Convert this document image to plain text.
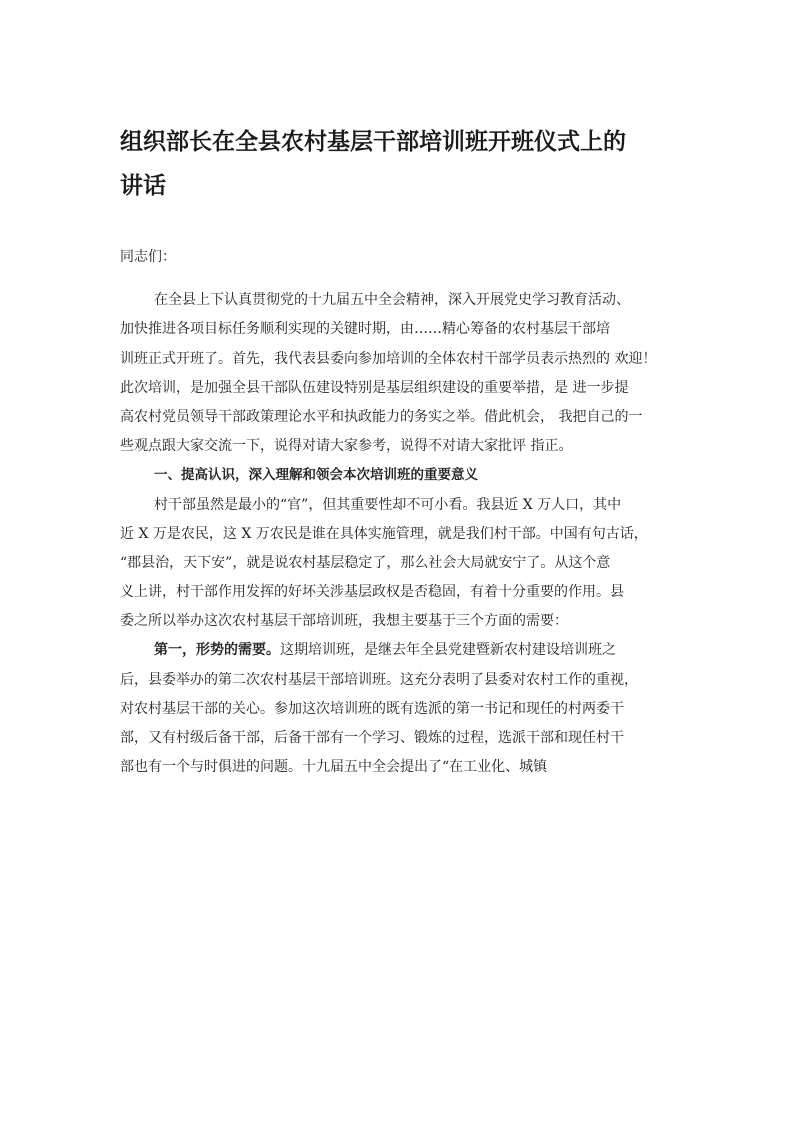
组织部长在全县农村基层干部培训班开班仪式上的
讲话
同志们：
在全县上下认真贯彻党的十九届五中全会精神，深入开展党史学习教育活动、
加快推进各项目标任务顺利实现的关键时期，由……精心筹备的农村基层干部培
训班正式开班了。首先，我代表县委向参加培训的全体农村干部学员表示热烈的 欢迎！
此次培训，是加强全县干部队伍建设特别是基层组织建设的重要举措，是 进一步提
高农村党员领导干部政策理论水平和执政能力的务实之举。借此机会， 我把自己的一
些观点跟大家交流一下，说得对请大家参考，说得不对请大家批评 指正。
一、提高认识，深入理解和领会本次培训班的重要意义
村干部虽然是最小的“官”，但其重要性却不可小看。我县近 X 万人口，其中
近 X 万是农民，这 X 万农民是谁在具体实施管理，就是我们村干部。中国有句古话，
“郡县治，天下安”，就是说农村基层稳定了，那么社会大局就安宁了。从这个意
义上讲，村干部作用发挥的好坏关涉基层政权是否稳固，有着十分重要的作用。县
委之所以举办这次农村基层干部培训班，我想主要基于三个方面的需要：
第一，形势的需要。这期培训班，是继去年全县党建暨新农村建设培训班之
后，县委举办的第二次农村基层干部培训班。这充分表明了县委对农村工作的重视，
对农村基层干部的关心。参加这次培训班的既有选派的第一书记和现任的村两委干
部，又有村级后备干部，后备干部有一个学习、锻炼的过程，选派干部和现任村干
部也有一个与时俱进的问题。十九届五中全会提出了“在工业化、城镇
